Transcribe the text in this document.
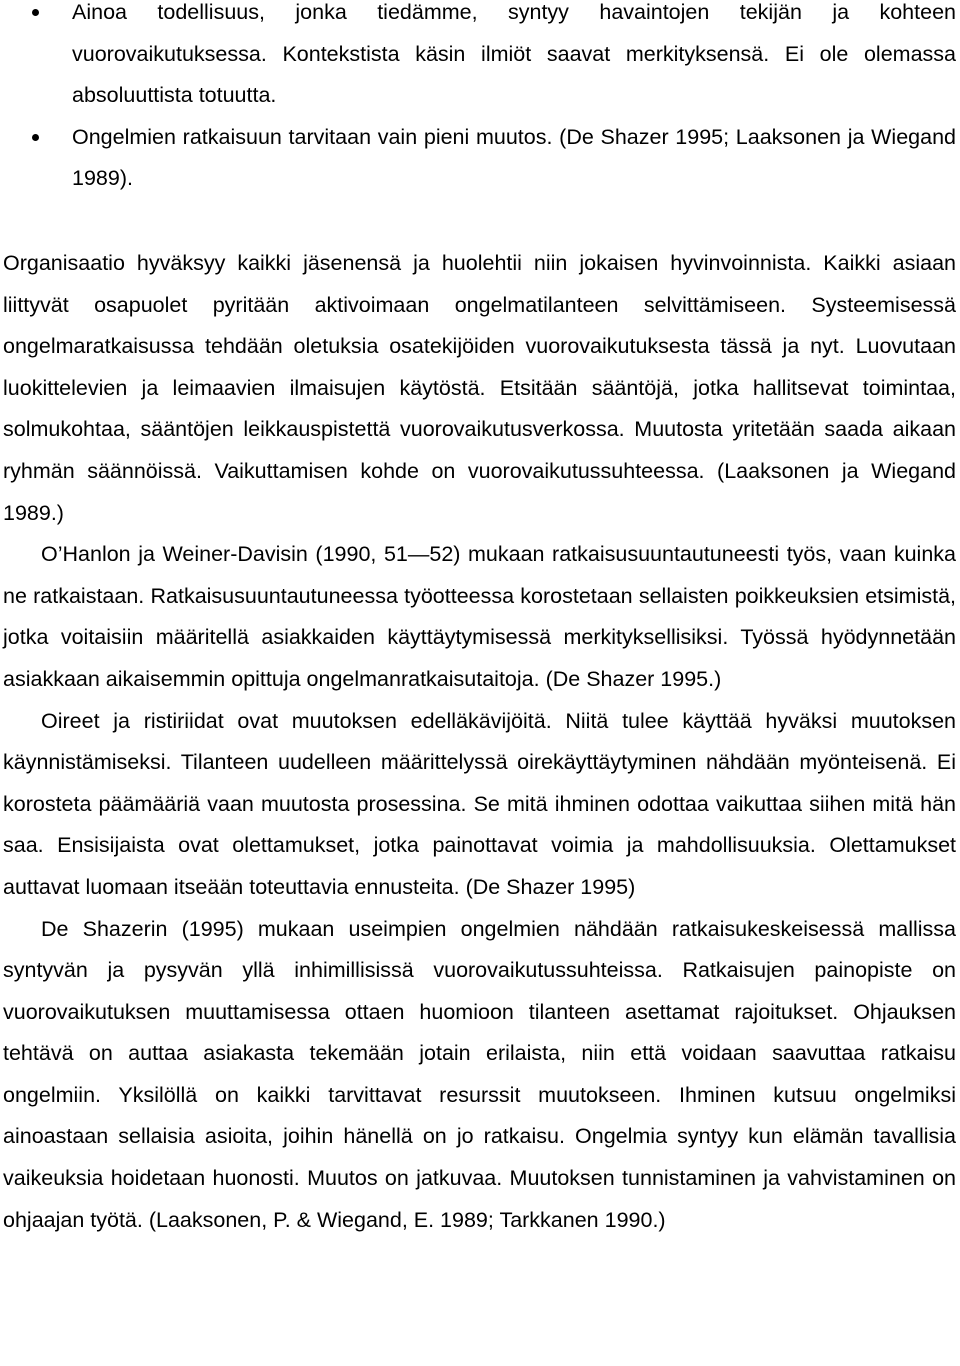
Ainoa todellisuus, jonka tiedämme, syntyy havaintojen tekijän ja kohteen vuorovaikutuksessa. Kontekstista käsin ilmiöt saavat merkityksensä. Ei ole olemassa absoluuttista totuutta.
Ongelmien ratkaisuun tarvitaan vain pieni muutos. (De Shazer 1995; Laaksonen ja Wiegand 1989).

Organisaatio hyväksyy kaikki jäsenensä ja huolehtii niin jokaisen hyvinvoinnista. Kaikki asiaan liittyvät osapuolet pyritään aktivoimaan ongelmatilanteen selvittämiseen. Systeemisessä ongelmaratkaisussa tehdään oletuksia osatekijöiden vuorovaikutuksesta tässä ja nyt. Luovutaan luokittelevien ja leimaavien ilmaisujen käytöstä. Etsitään sääntöjä, jotka hallitsevat toimintaa, solmukohtaa, sääntöjen leikkauspistettä vuorovaikutusverkossa. Muutosta yritetään saada aikaan ryhmän säännöissä. Vaikuttamisen kohde on vuorovaikutussuhteessa. (Laaksonen ja Wiegand 1989.)

O’Hanlon ja Weiner-Davisin (1990, 51—52) mukaan ratkaisusuuntautuneesti työs, vaan kuinka ne ratkaistaan. Ratkaisusuuntautuneessa työotteessa korostetaan sellaisten poikkeuksien etsimistä, jotka voitaisiin määritellä asiakkaiden käyttäytymisessä merkityksellisiksi. Työssä hyödynnetään asiakkaan aikaisemmin opittuja ongelmanratkaisutaitoja. (De Shazer 1995.)

Oireet ja ristiriidat ovat muutoksen edelläkävijöitä. Niitä tulee käyttää hyväksi muutoksen käynnistämiseksi. Tilanteen uudelleen määrittelyssä oirekäyttäytyminen nähdään myönteisenä. Ei korosteta päämääriä vaan muutosta prosessina. Se mitä ihminen odottaa vaikuttaa siihen mitä hän saa. Ensisijaista ovat olettamukset, jotka painottavat voimia ja mahdollisuuksia. Olettamukset auttavat luomaan itseään toteuttavia ennusteita. (De Shazer 1995)

De Shazerin (1995) mukaan useimpien ongelmien nähdään ratkaisukeskeisessä mallissa syntyvän ja pysyvän yllä inhimillisissä vuorovaikutussuhteissa. Ratkaisujen painopiste on vuorovaikutuksen muuttamisessa ottaen huomioon tilanteen asettamat rajoitukset. Ohjauksen tehtävä on auttaa asiakasta tekemään jotain erilaista, niin että voidaan saavuttaa ratkaisu ongelmiin. Yksilöllä on kaikki tarvittavat resurssit muutokseen. Ihminen kutsuu ongelmiksi ainoastaan sellaisia asioita, joihin hänellä on jo ratkaisu. Ongelmia syntyy kun elämän tavallisia vaikeuksia hoidetaan huonosti. Muutos on jatkuvaa. Muutoksen tunnistaminen ja vahvistaminen on ohjaajan työtä. (Laaksonen, P. & Wiegand, E. 1989; Tarkkanen 1990.)
